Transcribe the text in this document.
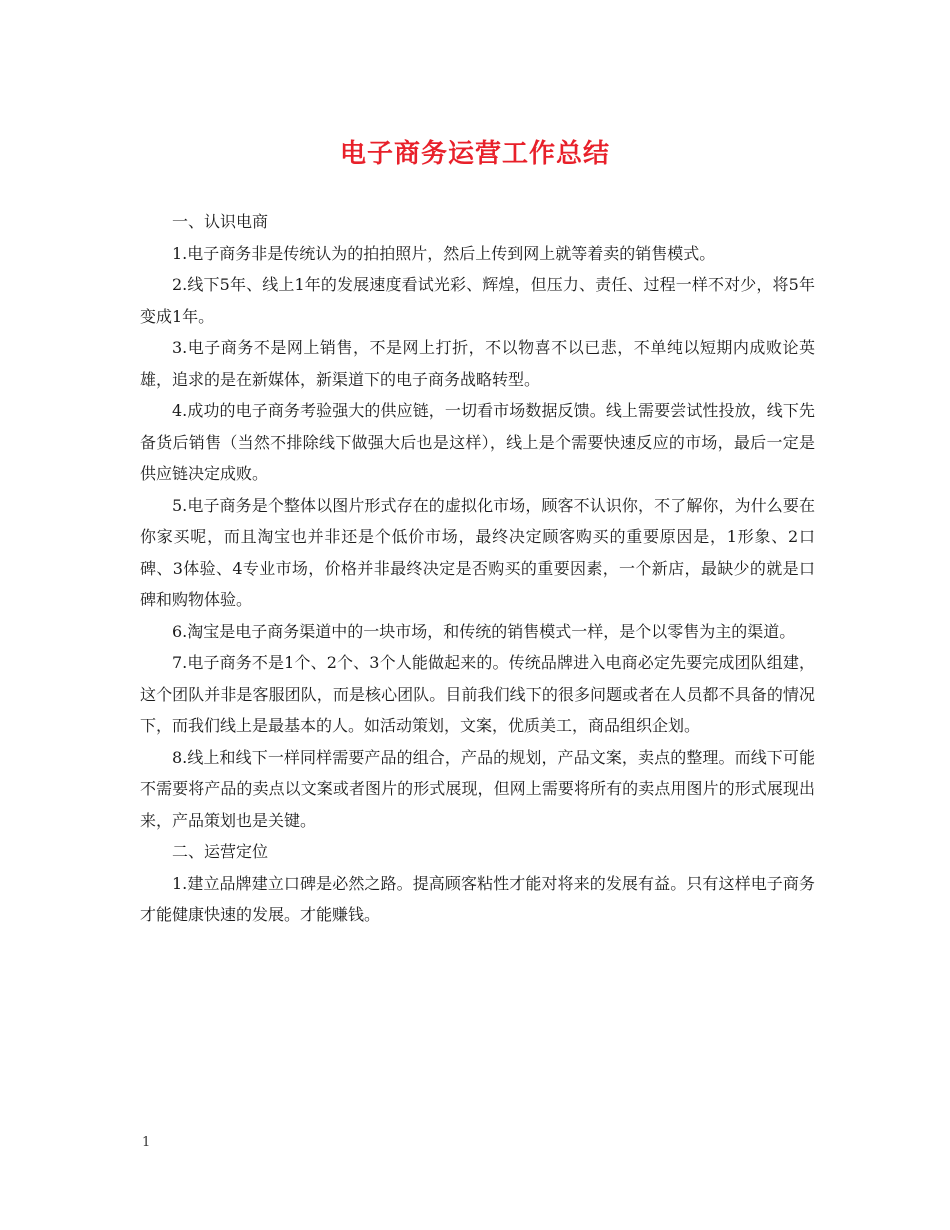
电子商务运营工作总结

一、认识电商

1.电子商务非是传统认为的拍拍照片，然后上传到网上就等着卖的销售模式。

2.线下5年、线上1年的发展速度看试光彩、辉煌，但压力、责任、过程一样不对少，将5年变成1年。

3.电子商务不是网上销售，不是网上打折，不以物喜不以已悲，不单纯以短期内成败论英雄，追求的是在新媒体，新渠道下的电子商务战略转型。

4.成功的电子商务考验强大的供应链，一切看市场数据反馈。线上需要尝试性投放，线下先备货后销售（当然不排除线下做强大后也是这样），线上是个需要快速反应的市场，最后一定是供应链决定成败。

5.电子商务是个整体以图片形式存在的虚拟化市场，顾客不认识你，不了解你，为什么要在你家买呢，而且淘宝也并非还是个低价市场，最终决定顾客购买的重要原因是，1形象、2口碑、3体验、4专业市场，价格并非最终决定是否购买的重要因素，一个新店，最缺少的就是口碑和购物体验。

6.淘宝是电子商务渠道中的一块市场，和传统的销售模式一样，是个以零售为主的渠道。

7.电子商务不是1个、2个、3个人能做起来的。传统品牌进入电商必定先要完成团队组建，这个团队并非是客服团队，而是核心团队。目前我们线下的很多问题或者在人员都不具备的情况下，而我们线上是最基本的人。如活动策划，文案，优质美工，商品组织企划。

8.线上和线下一样同样需要产品的组合，产品的规划，产品文案，卖点的整理。而线下可能不需要将产品的卖点以文案或者图片的形式展现，但网上需要将所有的卖点用图片的形式展现出来，产品策划也是关键。

二、运营定位

1.建立品牌建立口碑是必然之路。提高顾客粘性才能对将来的发展有益。只有这样电子商务才能健康快速的发展。才能赚钱。

1
